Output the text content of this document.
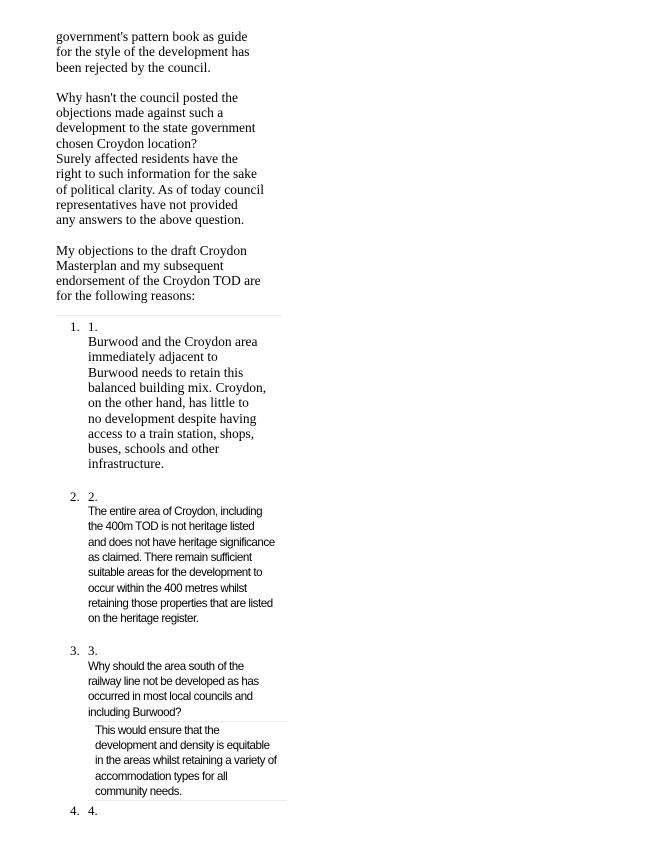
government's pattern book as guide
for the style of the development has
been rejected by the council.

Why hasn't the council posted the
objections made against such a
development to the state government
chosen Croydon location?
Surely affected residents have the
right to such information for the sake
of political clarity. As of today council
representatives have not provided
any answers to the above question.

My objections to the draft Croydon
Masterplan and my subsequent
endorsement of the Croydon TOD are
for the following reasons:

1. 1.
Burwood and the Croydon area
immediately adjacent to
Burwood needs to retain this
balanced building mix. Croydon,
on the other hand, has little to
no development despite having
access to a train station, shops,
buses, schools and other
infrastructure.
2. 2.
The entire area of Croydon, including
the 400m TOD is not heritage listed
and does not have heritage significance
as claimed. There remain sufficient
suitable areas for the development to
occur within the 400 metres whilst
retaining those properties that are listed
on the heritage register.
3. 3.
Why should the area south of the
railway line not be developed as has
occurred in most local councils and
including Burwood?
This would ensure that the
development and density is equitable
in the areas whilst retaining a variety of
accommodation types for all
community needs.
4. 4.
